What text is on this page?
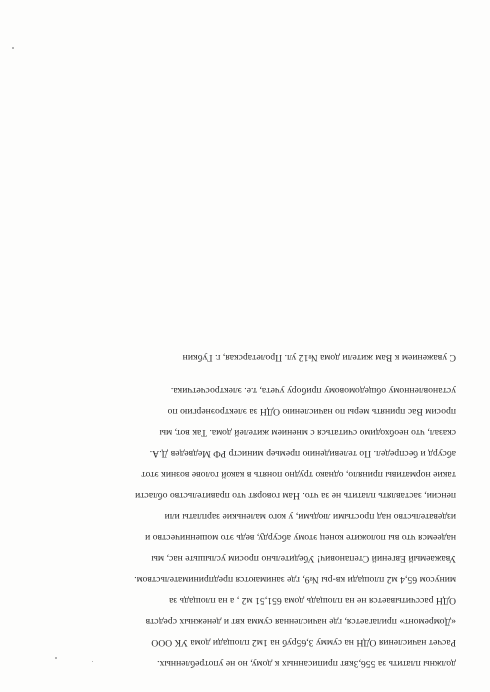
должны платить за 556,3квт приписанных к дому, но не употребленных.
Расчет начисления ОДН на сумму 3,65руб на 1м2 площади дома УК ООО
«Домремонт» прилагается, где начисленная сумма квт и денежных средств
ОДН рассчитывается не на площадь дома 651,51 м2 , а на площадь за
минусом 65,4 м2 площади кв-ры №9, где занимаются предпринимательством.
Уважаемый Евгений Степанович! Убедительно просим услышьте нас, мы
надеемся что вы положите конец этому абсурду, ведь это мошенничество и
издевательство над простыми людьми, у кого маленькие зарплаты или
пенсии, заставлять платить не за что. Нам говорят что правительство области
такие нормативы приняло, однако трудно понять в какой голове возник этот
абсурд и беспредел. По телевидению премьер министр РФ Медведев Д.А.
сказал, что необходимо считаться с мнением жителей дома. Так вот, мы
просим Вас принять меры по начислению ОДН за электроэнергию по
установленному общедомовому прибору учета, т.е. электросчетчика.
С уважением к Вам жители дома №12 ул. Пролетарская, г. Губкин
